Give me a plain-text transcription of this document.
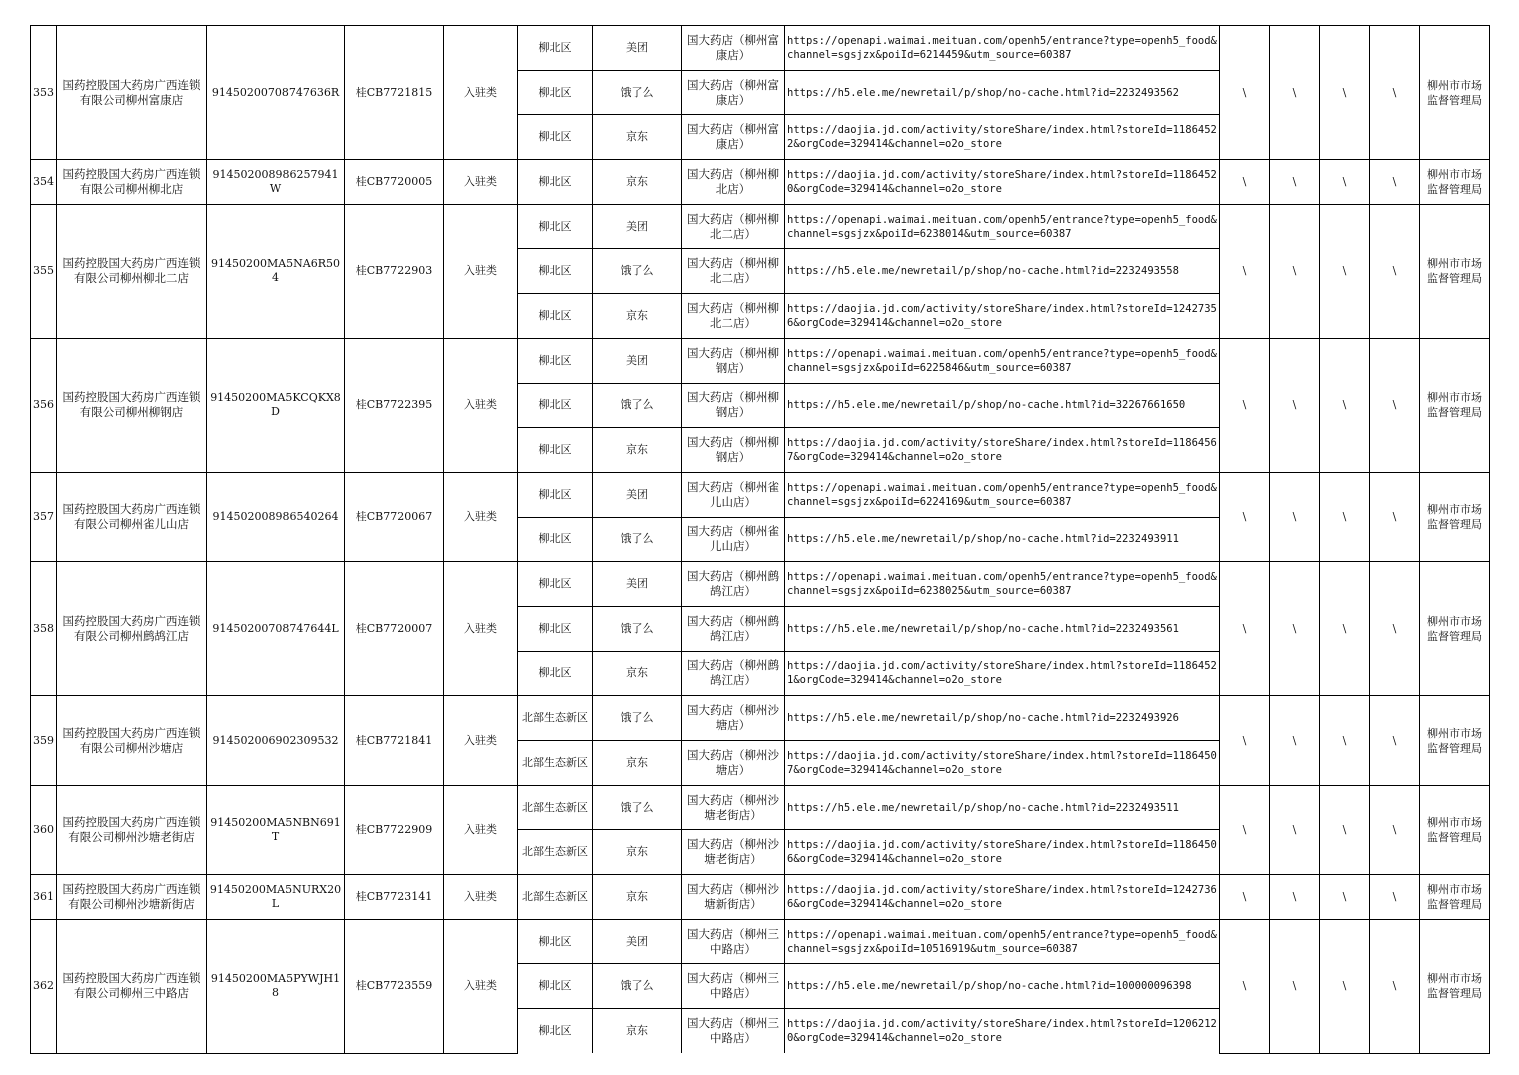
353	国药控股国大药房广西连锁有限公司柳州富康店	91450200708747636R	桂CB7721815	入驻类	柳北区	美团	国大药店（柳州富康店）	https://openapi.waimai.meituan.com/openh5/entrance?type=openh5_food&channel=sgsjzx&poiId=6214459&utm_source=60387	\	\	\	\	柳州市市场监督管理局
					柳北区	饿了么	国大药店（柳州富康店）	https://h5.ele.me/newretail/p/shop/no-cache.html?id=2232493562					
					柳北区	京东	国大药店（柳州富康店）	https://daojia.jd.com/activity/storeShare/index.html?storeId=11864522&orgCode=329414&channel=o2o_store					
354	国药控股国大药房广西连锁有限公司柳州柳北店	914502008986257941W	桂CB7720005	入驻类	柳北区	京东	国大药店（柳州柳北店）	https://daojia.jd.com/activity/storeShare/index.html?storeId=11864520&orgCode=329414&channel=o2o_store	\	\	\	\	柳州市市场监督管理局
355	国药控股国大药房广西连锁有限公司柳州柳北二店	91450200MA5NA6R504	桂CB7722903	入驻类	柳北区	美团	国大药店（柳州柳北二店）	https://openapi.waimai.meituan.com/openh5/entrance?type=openh5_food&channel=sgsjzx&poiId=6238014&utm_source=60387	\	\	\	\	柳州市市场监督管理局
					柳北区	饿了么	国大药店（柳州柳北二店）	https://h5.ele.me/newretail/p/shop/no-cache.html?id=2232493558					
					柳北区	京东	国大药店（柳州柳北二店）	https://daojia.jd.com/activity/storeShare/index.html?storeId=12427356&orgCode=329414&channel=o2o_store					
356	国药控股国大药房广西连锁有限公司柳州柳钢店	91450200MA5KCQKX8D	桂CB7722395	入驻类	柳北区	美团	国大药店（柳州柳钢店）	https://openapi.waimai.meituan.com/openh5/entrance?type=openh5_food&channel=sgsjzx&poiId=6225846&utm_source=60387	\	\	\	\	柳州市市场监督管理局
					柳北区	饿了么	国大药店（柳州柳钢店）	https://h5.ele.me/newretail/p/shop/no-cache.html?id=32267661650					
					柳北区	京东	国大药店（柳州柳钢店）	https://daojia.jd.com/activity/storeShare/index.html?storeId=11864567&orgCode=329414&channel=o2o_store					
357	国药控股国大药房广西连锁有限公司柳州雀儿山店	914502008986540264	桂CB7720067	入驻类	柳北区	美团	国大药店（柳州雀儿山店）	https://openapi.waimai.meituan.com/openh5/entrance?type=openh5_food&channel=sgsjzx&poiId=6224169&utm_source=60387	\	\	\	\	柳州市市场监督管理局
					柳北区	饿了么	国大药店（柳州雀儿山店）	https://h5.ele.me/newretail/p/shop/no-cache.html?id=2232493911					
358	国药控股国大药房广西连锁有限公司柳州鹧鸪江店	91450200708747644L	桂CB7720007	入驻类	柳北区	美团	国大药店（柳州鹧鸪江店）	https://openapi.waimai.meituan.com/openh5/entrance?type=openh5_food&channel=sgsjzx&poiId=6238025&utm_source=60387	\	\	\	\	柳州市市场监督管理局
					柳北区	饿了么	国大药店（柳州鹧鸪江店）	https://h5.ele.me/newretail/p/shop/no-cache.html?id=2232493561					
					柳北区	京东	国大药店（柳州鹧鸪江店）	https://daojia.jd.com/activity/storeShare/index.html?storeId=11864521&orgCode=329414&channel=o2o_store					
359	国药控股国大药房广西连锁有限公司柳州沙塘店	914502006902309532	桂CB7721841	入驻类	北部生态新区	饿了么	国大药店（柳州沙塘店）	https://h5.ele.me/newretail/p/shop/no-cache.html?id=2232493926	\	\	\	\	柳州市市场监督管理局
					北部生态新区	京东	国大药店（柳州沙塘店）	https://daojia.jd.com/activity/storeShare/index.html?storeId=11864507&orgCode=329414&channel=o2o_store					
360	国药控股国大药房广西连锁有限公司柳州沙塘老街店	91450200MA5NBN691T	桂CB7722909	入驻类	北部生态新区	饿了么	国大药店（柳州沙塘老街店）	https://h5.ele.me/newretail/p/shop/no-cache.html?id=2232493511	\	\	\	\	柳州市市场监督管理局
					北部生态新区	京东	国大药店（柳州沙塘老街店）	https://daojia.jd.com/activity/storeShare/index.html?storeId=11864506&orgCode=329414&channel=o2o_store					
361	国药控股国大药房广西连锁有限公司柳州沙塘新街店	91450200MA5NURX20L	桂CB7723141	入驻类	北部生态新区	京东	国大药店（柳州沙塘新街店）	https://daojia.jd.com/activity/storeShare/index.html?storeId=12427366&orgCode=329414&channel=o2o_store	\	\	\	\	柳州市市场监督管理局
362	国药控股国大药房广西连锁有限公司柳州三中路店	91450200MA5PYWJH18	桂CB7723559	入驻类	柳北区	美团	国大药店（柳州三中路店）	https://openapi.waimai.meituan.com/openh5/entrance?type=openh5_food&channel=sgsjzx&poiId=10516919&utm_source=60387	\	\	\	\	柳州市市场监督管理局
					柳北区	饿了么	国大药店（柳州三中路店）	https://h5.ele.me/newretail/p/shop/no-cache.html?id=100000096398					
					柳北区	京东	国大药店（柳州三中路店）	https://daojia.jd.com/activity/storeShare/index.html?storeId=12062120&orgCode=329414&channel=o2o_store					
